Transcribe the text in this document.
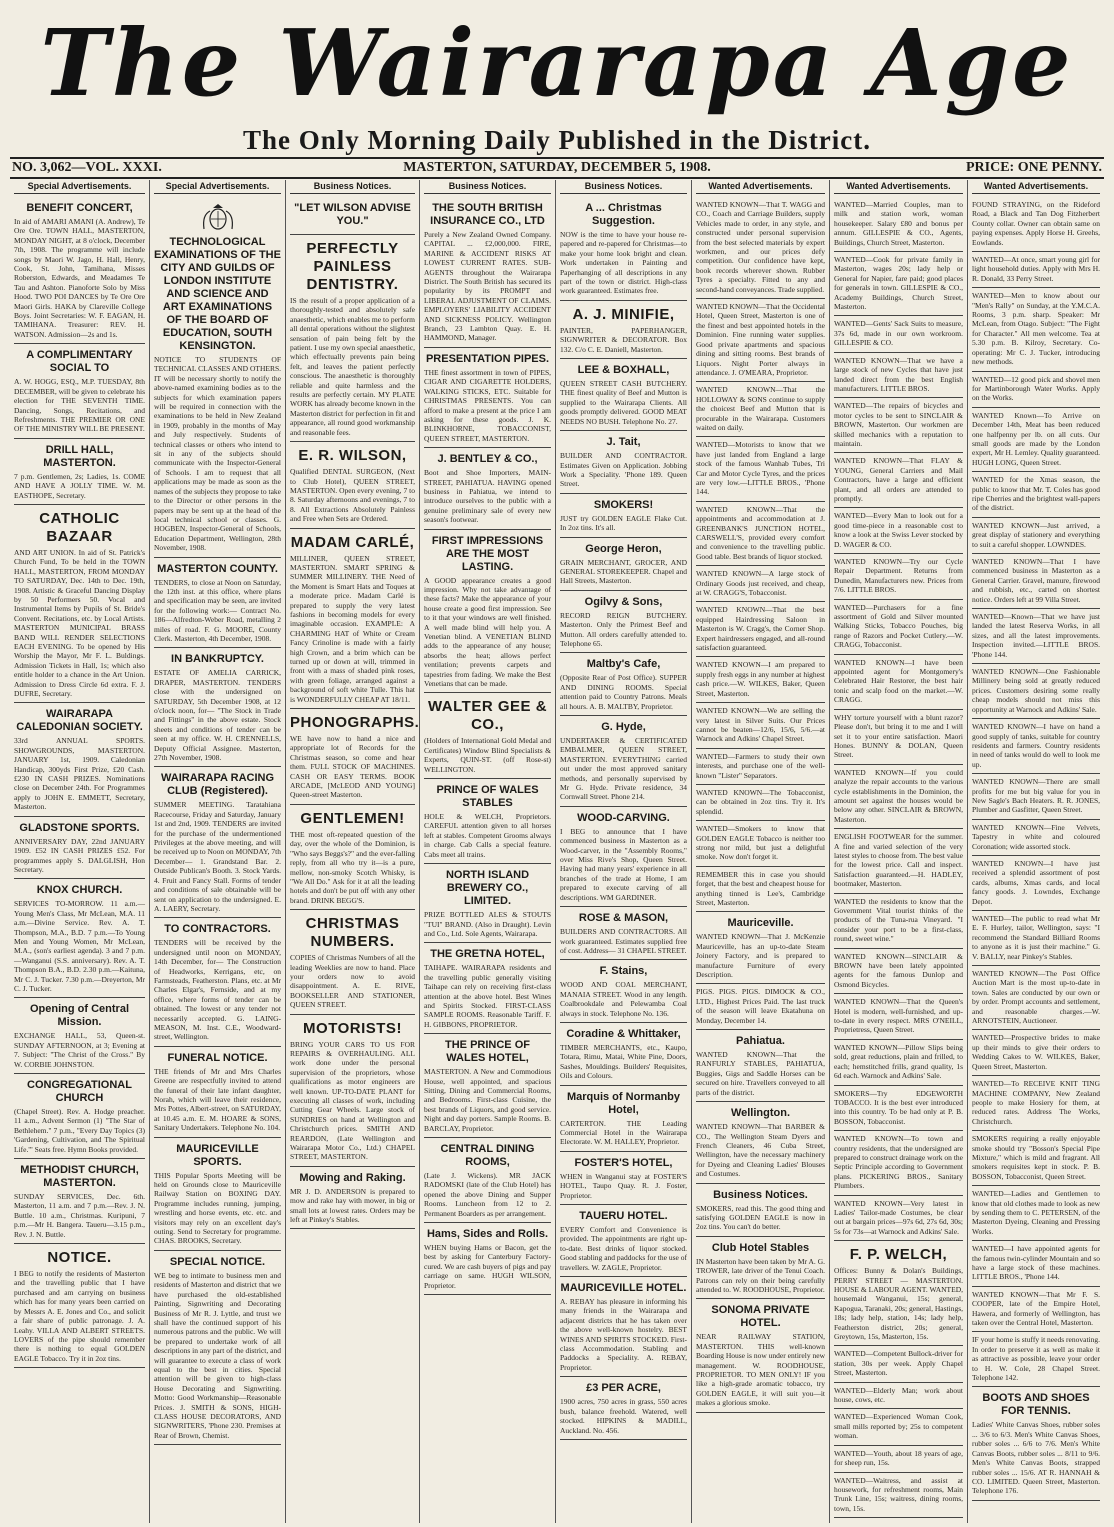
The Wairarapa Age
The Only Morning Daily Published in the District.
MASTERTON, SATURDAY, DECEMBER 5, 1908.
NO. 3,062—VOL. XXXI.	PRICE: ONE PENNY.
Special Advertisements.
BENEFIT CONCERT,

In aid of AMARI AMANI (A. Andrew), Te Ore Ore. TOWN HALL, MASTERTON, MONDAY NIGHT, at 8 o'clock, December 7th, 1908. The programme will include songs by Maori W. Jago, H. Hall, Henry, Cook, St. John, Tamihana, Misses Roberston, Edwards, and Meadames Te Tau and Ashton. Pianoforte Solo by Miss Hood. TWO POI DANCES by Te Ore Ore Maori Girls. HAKA by Clareville College Boys. Joint Secretaries: W. F. EAGAN, H. TAMIHANA. Treasurer: REV. H. WATSON. Admission—2s and 1s.

A COMPLIMENTARY SOCIAL TO

A. W. HOGG, ESQ., M.P. TUESDAY, 8th DECEMBER, will be given to celebrate his election for THE SEVENTH TIME. Dancing, Songs, Recitations, and Refreshments. THE PREMIER OR ONE OF THE MINISTRY WILL BE PRESENT.

DRILL HALL, MASTERTON.

7 p.m. Gentlemen, 2s; Ladies, 1s. COME AND HAVE A JOLLY TIME. W. M. EASTHOPE, Secretary.

CATHOLIC BAZAAR

AND ART UNION. In aid of St. Patrick's Church Fund, To be held in the TOWN HALL, MASTERTON, FROM MONDAY TO SATURDAY, Dec. 14th to Dec. 19th, 1908. Artistic & Graceful Dancing Display by 50 Performers 50. Vocal and Instrumental Items by Pupils of St. Bride's Convent. Recitations, etc. by Local Artists. MASTERTON MUNICIPAL BRASS BAND WILL RENDER SELECTIONS EACH EVENING. To be opened by His Worship the Mayor, Mr F. L. Buldings. Admission Tickets in Hall, 1s; which also entitle holder to a chance in the Art Union. Admission to Dress Circle 6d extra. F. J. DUFRE, Secretary.

WAIRARAPA CALEDONIAN SOCIETY.

33rd ANNUAL SPORTS. SHOWGROUNDS, MASTERTON. JANUARY 1st, 1909. Caledonian Handicap, 300yds First Prize, £20 Cash. £230 IN CASH PRIZES. Nominations close on December 24th. For Programmes apply to JOHN E. EMMETT, Secretary, Masterton.

GLADSTONE SPORTS.

ANNIVERSARY DAY, 22nd JANUARY 1909. £52 IN CASH PRIZES £52. For programmes apply S. DALGLISH, Hon Secretary.

KNOX CHURCH.

SERVICES TO-MORROW. 11 a.m.—Young Men's Class, Mr McLean, M.A. 11 a.m.—Divine Service. Rev. A. T. Thompson, M.A., B.D. 7 p.m.—To Young Men and Young Women, Mr McLean, M.A., (son's earliest agenda). 3 and 7 p.m.—Wanganui (S.S. anniversary). Rev. A. T. Thompson B.A., B.D. 2.30 p.m.—Kaituna, Mr C. J. Tucker. 7.30 p.m.—Dreyerton, Mr C. J. Tucker.

Opening of Central Mission.

EXCHANGE HALL, 53, Queen-st. SUNDAY AFTERNOON, at 3; Evening at 7. Subject: "The Christ of the Cross." By W. CORBIE JOHNSTON.

CONGREGATIONAL CHURCH

(Chapel Street). Rev. A. Hodge preacher. 11 a.m., Advent Sermon (1) "The Star of Bethlehem." 7 p.m., "Every Day Topics (3) 'Gardening, Cultivation, and The Spiritual Life.'" Seats free. Hymn Books provided.

METHODIST CHURCH, MASTERTON.

SUNDAY SERVICES, Dec. 6th. Masterton, 11 a.m. and 7 p.m.—Rev. J. N. Buttle. 10 a.m., Christmas. Kuripuni, 7 p.m.—Mr H. Bangera. Taueru—3.15 p.m., Rev. J. N. Buttle.

NOTICE.

I BEG to notify the residents of Masterton and the travelling public that I have purchased and am carrying on business which has for many years been carried on by Messrs A. E. Jones and Co., and solicit a fair share of public patronage. J. A. Leahy. VILLA AND ALBERT STREETS. LOVERS of the pipe should remember there is nothing to equal GOLDEN EAGLE Tobacco. Try it in 2oz tins.

Special Advertisements.
TECHNOLOGICAL EXAMINATIONS OF THE CITY AND GUILDS OF LONDON INSTITUTE AND SCIENCE AND ART EXAMINATIONS OF THE BOARD OF EDUCATION, SOUTH KENSINGTON.

NOTICE TO STUDENTS OF TECHNICAL CLASSES AND OTHERS. IT will be necessary shortly to notify the above-named examining bodies as to the subjects for which examination papers will be required in connection with the examinations to be held in New Zealand in 1909, probably in the months of May and July respectively. Students of technical classes or others who intend to sit in any of the subjects should communicate with the Inspector-General of Schools. I am to request that all applications may be made as soon as the names of the subjects they propose to take to the Director or other persons in the papers may be sent up at the head of the local technical school or classes. G. HOGBEN, Inspector-General of Schools, Education Department, Wellington, 28th November, 1908.

MASTERTON COUNTY.

TENDERS, to close at Noon on Saturday, the 12th inst. at this office, where plans and specification may be seen, are invited for the following work:— Contract No. 186—Alfredton-Weber Road, metalling 2 miles of road. F. G. MOORE, County Clerk. Masterton, 4th December, 1908.

IN BANKRUPTCY.

ESTATE OF AMELIA CARRICK, DRAPER, MASTERTON. TENDERS close with the undersigned on SATURDAY, 5th December 1908, at 12 o'clock noon, for— "The Stock in Trade and Fittings" in the above estate. Stock sheets and conditions of tender can be seen at my office. W. H. CRENNELLS, Deputy Official Assignee. Masterton, 27th November, 1908.

WAIRARAPA RACING CLUB (Registered).

SUMMER MEETING. Taratahiana Racecourse, Friday and Saturday, January 1st and 2nd, 1909. TENDERS are invited for the purchase of the undermentioned Privileges at the above meeting, and will be received up to Noon on MONDAY, 7th December— 1. Grandstand Bar. 2. Outside Publican's Booth. 3. Stock Yards. 4. Fruit and Fancy Stall. Forms of tender and conditions of sale obtainable will be sent on application to the undersigned. E. A. LAERY, Secretary.

TO CONTRACTORS.

TENDERS will be received by the undersigned until noon on MONDAY, 14th December, for— The Construction of Headworks, Kerrigans, etc, on Farmsteads, Featherston. Plans, etc. at Mr Charles Elgar's, Fernside, and at my office, where forms of tender can be obtained. The lowest or any tender not necessarily accepted. G. LAING-MEASON, M. Inst. C.E., Woodward-street, Wellington.

FUNERAL NOTICE.

THE friends of Mr and Mrs Charles Greene are respectfully invited to attend the funeral of their late infant daughter, Norah, which will leave their residence, Mrs Pottes, Albert-street, on SATURDAY, at 10.45 a.m. E. M. HOARE & SONS, Sanitary Undertakers. Telephone No. 104.

MAURICEVILLE SPORTS.

THIS Popular Sports Meeting will be held on Grounds close to Mauriceville Railway Station on BOXING DAY. Programme includes running, jumping, wrestling and horse events, etc. etc. and visitors may rely on an excellent day's outing. Send to Secretary for programme. CHAS. BROOKS, Secretary.

SPECIAL NOTICE.

WE beg to intimate to business men and residents of Masterton and district that we have purchased the old-established Painting, Signwriting and Decorating Business of Mr R. J. Lyttle, and trust we shall have the continued support of his numerous patrons and the public. We will be prepared to undertake work of all descriptions in any part of the district, and will guarantee to execute a class of work equal to the best in cities. Special attention will be given to high-class House Decorating and Signwriting. Motto: Good Workmanship—Reasonable Prices. J. SMITH & SONS, HIGH-CLASS HOUSE DECORATORS, AND SIGNWRITERS, 'Phone 230. Premises at Rear of Brown, Chemist.

Business Notices.
"LET WILSON ADVISE YOU."
PERFECTLY PAINLESS DENTISTRY.

IS the result of a proper application of a thoroughly-tested and absolutely safe anaesthetic, which enables me to perform all dental operations without the slightest sensation of pain being felt by the patient. I use my own special anaesthetic, which effectually prevents pain being felt, and leaves the patient perfectly conscious. The anaesthetic is thoroughly reliable and quite harmless and the results are perfectly certain. MY PLATE WORK has already become known in the Masterton district for perfection in fit and appearance, all round good workmanship and reasonable fees.

E. R. WILSON,

Qualified DENTAL SURGEON, (Next to Club Hotel), QUEEN STREET, MASTERTON. Open every evening, 7 to 8. Saturday afternoons and evenings, 7 to 8. All Extractions Absolutely Painless and Free when Sets are Ordered.

MADAM CARLÉ,

MILLINER, QUEEN STREET, MASTERTON. SMART SPRING & SUMMER MILLINERY. THE Need of the Moment is Smart Hats and Toques at a moderate price. Madam Carlé is prepared to supply the very latest fashions in becoming models for every imaginable occasion. EXAMPLE: A CHARMING HAT of White or Cream Fancy Crinoline is made with a fairly high Crown, and a brim which can be turned up or down at will, trimmed in front with a mass of shaded pink roses, with green foliage, arranged against a background of soft white Tulle. This hat is WONDERFULLY CHEAP AT 18/11.

PHONOGRAPHS.

WE have now to hand a nice and appropriate lot of Records for the Christmas season, so come and hear them. FULL STOCK OF MACHINES. CASH OR EASY TERMS. BOOK ARCADE, [McLEOD AND YOUNG] Queen-street Masterton.

GENTLEMEN!

THE most oft-repeated question of the day, over the whole of the Dominion, is "Who says Beggs's?" and the ever-falling reply, from all who try it—is a pure, mellow, non-smoky Scotch Whisky, is "We All Do." Ask for it at all the leading hotels and don't be put off with any other brand. DRINK BEGG'S.

CHRISTMAS NUMBERS.

COPIES of Christmas Numbers of all the leading Weeklies are now to hand. Place your orders now to avoid disappointment. A. E. RIVE, BOOKSELLER AND STATIONER, QUEEN STREET.

MOTORISTS!

BRING YOUR CARS TO US FOR REPAIRS & OVERHAULING. ALL work done under the personal supervision of the proprietors, whose qualifications as motor engineers are well known. UP-TO-DATE PLANT for executing all classes of work, including Cutting Gear Wheels. Large stock of SUNDRIES on hand at Wellington and Christchurch prices. SMITH AND REARDON, (Late Wellington and Wairarapa Motor Co., Ltd.) CHAPEL STREET, MASTERTON.

Mowing and Raking.

MR J. D. ANDERSON is prepared to mow and rake hay with mower, in big or small lots at lowest rates. Orders may be left at Pinkey's Stables.

Business Notices.
THE SOUTH BRITISH INSURANCE CO., LTD

Purely a New Zealand Owned Company. CAPITAL ... £2,000,000. FIRE, MARINE & ACCIDENT RISKS AT LOWEST CURRENT RATES. SUB-AGENTS throughout the Wairarapa District. The South British has secured its popularity by its PROMPT and LIBERAL ADJUSTMENT OF CLAIMS. EMPLOYERS' LIABILITY ACCIDENT AND SICKNESS POLICY. Wellington Branch, 23 Lambton Quay. E. H. HAMMOND, Manager.

PRESENTATION PIPES.

THE finest assortment in town of PIPES, CIGAR AND CIGARETTE HOLDERS, WALKING STICKS, ETC. Suitable for CHRISTMAS PRESENTS. You can afford to make a present at the price I am asking for these goods. J. K. BLINKHORNE, TOBACCONIST, QUEEN STREET, MASTERTON.

J. BENTLEY & CO.,

Boot and Shoe Importers, MAIN-STREET, PAHIATUA. HAVING opened business in Pahiatua, we intend to introduce ourselves to the public with a genuine preliminary sale of every new season's footwear.

FIRST IMPRESSIONS ARE THE MOST LASTING.

A GOOD appearance creates a good impression. Why not take advantage of these facts? Make the appearance of your house create a good first impression. See to it that your windows are well finished. A well made blind will help you. A Venetian blind. A VENETIAN BLIND adds to the appearance of any house; absorbs the heat; allows perfect ventilation; prevents carpets and tapestries from fading. We make the Best Venetians that can be made.

WALTER GEE & CO.,

(Holders of International Gold Medal and Certificates) Window Blind Specialists & Experts, QUIN-ST. (off Rose-st) WELLINGTON.

PRINCE OF WALES STABLES

HOLE & WELCH, Proprietors. CAREFUL attention given to all horses left at stables. Competent Grooms always in charge. Cab Calls a special feature. Cabs meet all trains.

NORTH ISLAND BREWERY CO., LIMITED.

PRIZE BOTTLED ALES & STOUTS "TUI" BRAND. (Also in Draught). Levin and Co., Ltd. Sole Agents, Wairarapa.

THE GRETNA HOTEL,

TAIHAPE. WAIRARAPA residents and the travelling public generally visiting Taihape can rely on receiving first-class attention at the above hotel. Best Wines and Spirits Stocked. FIRST-CLASS SAMPLE ROOMS. Reasonable Tariff. F. H. GIBBONS, PROPRIETOR.

THE PRINCE OF WALES HOTEL,

MASTERTON. A New and Commodious House, well appointed, and spacious Sitting, Dining and Commercial Rooms, and Bedrooms. First-class Cuisine, the best brands of Liquors, and good service. Night and day porters. Sample Rooms. B. BARCLAY, Proprietor.

CENTRAL DINING ROOMS,

(Late J. Wickens). MR JACK RADOMSKI (late of the Club Hotel) has opened the above Dining and Supper Rooms. Luncheon from 12 to 2. Permanent Boarders as per arrangement.

Hams, Sides and Rolls.

WHEN buying Hams or Bacon, get the best by asking for Canterbury Factory-cured. We are cash buyers of pigs and pay carriage on same. HUGH WILSON, Proprietor.

Business Notices.
A ... Christmas Suggestion.

NOW is the time to have your house re-papered and re-papered for Christmas—to make your home look bright and clean. Work undertaken in Painting and Paperhanging of all descriptions in any part of the town or district. High-class work guaranteed. Estimates free.

A. J. MINIFIE,

PAINTER, PAPERHANGER, SIGNWRITER & DECORATOR. Box 132. C/o C. E. Daniell, Masterton.

LEE & BOXHALL,

QUEEN STREET CASH BUTCHERY. THE finest quality of Beef and Mutton is supplied to the Wairarapa Clients. All goods promptly delivered. GOOD MEAT NEEDS NO BUSH. Telephone No. 27.

J. Tait,

BUILDER AND CONTRACTOR. Estimates Given on Application. Jobbing Work a Speciality. 'Phone 189. Queen Street.

SMOKERS!

JUST try GOLDEN EAGLE Flake Cut. In 2oz tins. It's all.

George Heron,

GRAIN MERCHANT, GROCER, AND GENERAL STOREKEEPER. Chapel and Hall Streets, Masterton.

Ogilvy & Sons,

RECORD REIGN BUTCHERY. Masterton. Only the Primest Beef and Mutton. All orders carefully attended to. Telephone 65.

Maltby's Cafe,

(Opposite Rear of Post Office). SUPPER AND DINING ROOMS. Special attention paid to Country Patrons. Meals all hours. A. B. MALTBY, Proprietor.

G. Hyde,

UNDERTAKER & CERTIFICATED EMBALMER, QUEEN STREET, MASTERTON. EVERYTHING carried out under the most approved sanitary methods, and personally supervised by Mr G. Hyde. Private residence, 34 Cornwall Street. Phone 214.

WOOD-CARVING.

I BEG to announce that I have commenced business in Masterton as a Wood-carver, in the "Assembly Rooms," over Miss Rive's Shop, Queen Street. Having had many years' experience in all branches of the trade at Home, I am prepared to execute carving of all descriptions. WM GARDINER.

ROSE & MASON,

BUILDERS AND CONTRACTORS. All work guaranteed. Estimates supplied free of cost. Address— 31 CHAPEL STREET.

F. Stains,

WOOD AND COAL MERCHANT, MANAIA STREET. Wood in any length. Coalbrookdale and Pelewamba Coal always in stock. Telephone No. 136.

Coradine & Whittaker,

TIMBER MERCHANTS, etc., Kaupo, Totara, Rimu, Matai, White Pine, Doors, Sashes, Mouldings. Builders' Requisites, Oils and Colours.

Marquis of Normanby Hotel,

CARTERTON. THE Leading Commercial Hotel in the Wairarapa Electorate. W. M. HALLEY, Proprietor.

FOSTER'S HOTEL,

WHEN in Wanganui stay at FOSTER'S HOTEL, Taupo Quay. R. J. Foster, Proprietor.

TAUERU HOTEL.

EVERY Comfort and Convenience is provided. The appointments are right up-to-date. Best drinks of liquor stocked. Good stabling and paddocks for the use of travellers. W. ZAGLE, Proprietor.

MAURICEVILLE HOTEL.

A. REBAY has pleasure in informing his many friends in the Wairarapa and adjacent districts that he has taken over the above well-known hostelry. BEST WINES AND SPIRITS STOCKED. First-class Accommodation. Stabling and Paddocks a Speciality. A. REBAY, Proprietor.

£3 PER ACRE,

1900 acres, 750 acres in grass, 550 acres bush, balance freehold. Watered, well stocked. HIPKINS & MADILL, Auckland. No. 456.

Wanted Advertisements.

WANTED KNOWN—That T. WAGG and CO., Coach and Carriage Builders, supply Vehicles made to order, in any style, and constructed under personal supervision from the best selected materials by expert workmen, and our prices defy competition. Our confidence have kept, book records wherever shown. Rubber Tyres a specialty. Fitted to any and second-hand conveyances. Trade supplied.

WANTED KNOWN—That the Occidental Hotel, Queen Street, Masterton is one of the finest and best appointed hotels in the Dominion. Fine running water supplies. Good private apartments and spacious dining and sitting rooms. Best brands of Liquors. Night Porter always in attendance. J. O'MEARA, Proprietor.

WANTED KNOWN—That the HOLLOWAY & SONS continue to supply the choicest Beef and Mutton that is procurable in the Wairarapa. Customers waited on daily.

WANTED—Motorists to know that we have just landed from England a large stock of the famous Wanhab Tubes, Tri Car and Motor Cycle Tyres, and the prices are very low.—LITTLE BROS., 'Phone 144.

WANTED KNOWN—That the appointments and accommodation at J. GREENBANK'S JUNCTION HOTEL, CARSWELL'S, provided every comfort and convenience to the travelling public. Good table. Best brands of liquor stocked.

WANTED KNOWN—A large stock of Ordinary Goods just received, and cheap, at W. CRAGG'S, Tobacconist.

WANTED KNOWN—That the best equipped Hairdressing Saloon in Masterton is W. Cragg's, the Corner Shop. Expert hairdressers engaged, and all-round satisfaction guaranteed.

WANTED KNOWN—I am prepared to supply fresh eggs in any number at highest cash price.—W. WILKES, Baker, Queen Street, Masterton.

WANTED KNOWN—We are selling the very latest in Silver Suits. Our Prices cannot be beaten—12/6, 15/6, 5/6.—at Warnock and Adkins' Chapel Street.

WANTED—Farmers to study their own interests, and purchase one of the well-known "Lister" Separators.

WANTED KNOWN—The Tobacconist, can be obtained in 2oz tins. Try it. It's splendid.

WANTED—Smokers to know that GOLDEN EAGLE Tobacco is neither too strong nor mild, but just a delightful smoke. Now don't forget it.

REMEMBER this in case you should forget, that the best and cheapest house for anything tinned is Lee's, Cambridge Street, Masterton.

Mauriceville.

WANTED KNOWN—That J. McKenzie Mauriceville, has an up-to-date Steam Joinery Factory, and is prepared to manufacture Furniture of every Description.

PIGS. PIGS. PIGS. DIMOCK & CO., LTD., Highest Prices Paid. The last truck of the season will leave Ekatahuna on Monday, December 14.

Pahiatua.

WANTED KNOWN—That the RANFURLY STABLES, PAHIATUA, Buggies, Gigs and Saddle Horses can be secured on hire. Travellers conveyed to all parts of the district.

Wellington.

WANTED KNOWN—That BARBER & CO., The Wellington Steam Dyers and French Cleaners, 46 Cuba Street, Wellington, have the necessary machinery for Dyeing and Cleaning Ladies' Blouses and Costumes.

Business Notices.

SMOKERS, read this. The good thing and satisfying GOLDEN EAGLE is now in 2oz tins. You can't do better.

Club Hotel Stables

IN Masterton have been taken by Mr A. G. TROWER, late driver of the Tenui Coach. Patrons can rely on their being carefully attended to. W. ROODHOUSE, Proprietor.

SONOMA PRIVATE HOTEL.

NEAR RAILWAY STATION, MASTERTON. THIS well-known Boarding House is now under entirely new management. W. ROODHOUSE, PROPRIETOR. TO MEN ONLY! IF you like a high-grade aromatic tobacco, try GOLDEN EAGLE, it will suit you—it makes a glorious smoke.

Wanted Advertisements.

WANTED—Married Couples, man to milk and station work, woman housekeeper. Salary £80 and bonus per annum. GILLESPIE & CO., Agents, Buildings, Church Street, Masterton.

WANTED—Cook for private family in Masterton, wages 20s; lady help or General for Napier, fare paid; good places for generals in town. GILLESPIE & CO., Academy Buildings, Church Street, Masterton.

WANTED—Gents' Sack Suits to measure, 37s 6d, made in our own workroom. GILLESPIE & CO.

WANTED KNOWN—That we have a large stock of new Cycles that have just landed direct from the best English manufacturers. LITTLE BROS.

WANTED—The repairs of bicycles and motor cycles to be sent to SINCLAIR & BROWN, Masterton. Our workmen are skilled mechanics with a reputation to maintain.

WANTED KNOWN—That FLAY & YOUNG, General Carriers and Mail Contractors, have a large and efficient plant, and all orders are attended to promptly.

WANTED—Every Man to look out for a good time-piece in a reasonable cost to know a look at the Swiss Lever stocked by D. WAGER & CO.

WANTED KNOWN—Try our Cycle Repair Department. Returns from Dunedin, Manufacturers new. Prices from 7/6. LITTLE BROS.

WANTED—Purchasers for a fine assortment of Gold and Silver mounted Walking Sticks, Tobacco Pouches, big range of Razors and Pocket Cutlery.—W. CRAGG, Tobacconist.

WANTED KNOWN—I have been appointed agent for Montgomery's Celebrated Hair Restorer, the best hair tonic and scalp food on the market.—W. CRAGG.

WHY torture yourself with a blunt razor? Please don't, but bring it to me and I will set it to your entire satisfaction. Maori Hones. BUNNY & DOLAN, Queen Street.

WANTED KNOWN—If you could analyze the repair accounts to the various cycle establishments in the Dominion, the amount set against the houses would be below any other. SINCLAIR & BROWN, Masterton.

ENGLISH FOOTWEAR for the summer. A fine and varied selection of the very latest styles to choose from. The best value for the lowest price. Call and inspect. Satisfaction guaranteed.—H. HADLEY, bootmaker, Masterton.

WANTED the residents to know that the Government Vital tourist thinks of the products of the Tuna-rua Vineyard. "I consider your port to be a first-class, round, sweet wine."

WANTED KNOWN—SINCLAIR & BROWN have been lately appointed agents for the famous Dunlop and Osmond Bicycles.

WANTED KNOWN—That the Queen's Hotel is modern, well-furnished, and up-to-date in every respect. MRS O'NEILL, Proprietress, Queen Street.

WANTED KNOWN—Pillow Slips being sold, great reductions, plain and frilled, to each; hemstitched frills, grand quality, 1s 6d each. Warnock and Adkins' Sale.

SMOKERS—Try EDGEWORTH TOBACCO. It is the best ever introduced into this country. To be had only at P. B. BOSSON, Tobacconist.

WANTED KNOWN—To town and country residents, that the undersigned are prepared to construct drainage work on the Septic Principle according to Government plans. PICKERING BROS., Sanitary Plumbers.

WANTED KNOWN—Very latest in Ladies' Tailor-made Costumes, be clear out at bargain prices—97s 6d, 27s 6d, 30s; 5s for 73s—at Warnock and Adkins' Sale.

F. P. WELCH,

Offices: Bunny & Dolan's Buildings, PERRY STREET — MASTERTON. HOUSE & LABOUR AGENT. WANTED, housemaid Wanganui, 15s; general, Kapogua, Taranaki, 20s; general, Hastings, 18s; lady help, station, 14s; lady help, Featherston district, 20s; general, Greytown, 15s, Masterton, 15s.

WANTED—Competent Bullock-driver for station, 30s per week. Apply Chapel Street, Masterton.

WANTED—Elderly Man; work about house, cows, etc.

WANTED—Experienced Woman Cook, small mills reported by; 25s to competent woman.

WANTED—Youth, about 18 years of age, for sheep run, 15s.

WANTED—Waitress, and assist at housework, for refreshment rooms, Main Trunk Line, 15s; waitress, dining rooms, town, 15s.

Wanted Advertisements.

FOUND STRAYING, on the Rideford Road, a Black and Tan Dog Fitzherbert County collar. Owner can obtain same on paying expenses. Apply Horse H. Greehs, Eowlands.

WANTED—At once, smart young girl for light household duties. Apply with Mrs H. R. Donald, 33 Perry Street.

WANTED—Men to know about our "Men's Rally" on Sunday, at the Y.M.C.A. Rooms, 3 p.m. sharp. Speaker: Mr McLean, from Otago. Subject: "The Fight for Character." All men welcome. Tea at 5.30 p.m. B. Kilroy, Secretary. Co-operating: Mr C. J. Tucker, introducing new methods.

WANTED—12 good pick and shovel men for Martinborough Water Works. Apply on the Works.

WANTED Known—To Arrive on December 14th, Meat has been reduced one halfpenny per lb. on all cuts. Our small goods are made by the London expert, Mr H. Lemley. Quality guaranteed. HUGH LONG, Queen Street.

WANTED for the Xmas season, the public to know that Mr. T. Coles has good ripe Cherries and the brightest wall-papers of the district.

WANTED KNOWN—Just arrived, a great display of stationery and everything to suit a careful shopper. LOWNDES.

WANTED KNOWN—That I have commenced business in Masterton as a General Carrier. Gravel, manure, firewood and rubbish, etc., carted on shortest notice. Orders left at 99 Villa Street.

WANTED—Known—That we have just landed the latest Reserva Works, in all sizes, and all the latest improvements. Inspection invited.—LITTLE BROS. 'Phone 144.

WANTED KNOWN—One Fashionable Millinery being sold at greatly reduced prices. Customers desiring some really cheap models should not miss this opportunity at Warnock and Adkins' Sale.

WANTED KNOWN—I have on hand a good supply of tanks, suitable for country residents and farmers. Country residents in need of tanks would do well to look me up.

WANTED KNOWN—There are small profits for me but big value for you in New Sagle's Bach Heaters. R. R. JONES, Plumber and Gasfitter, Queen Street.

WANTED KNOWN—Fine Velvets, Tapestry in white and coloured Coronation; wide assorted stock.

WANTED KNOWN—I have just received a splendid assortment of post cards, albums, Xmas cards, and local fancy goods. J. Lowndes, Exchange Depot.

WANTED—The public to read what Mr E. F. Hurley, tailor, Wellington, says: "I recommend the Standard Billiard Rooms to anyone as it is just their machine." G. V. BALLY, near Pinkey's Stables.

WANTED KNOWN—The Post Office Auction Mart is the most up-to-date in town. Sales are conducted by our own or by order. Prompt accounts and settlement, and reasonable charges.—W. ARNOTSTEIN, Auctioneer.

WANTED—Prospective brides to make up their minds to give their orders to Wedding Cakes to W. WILKES, Baker, Queen Street, Masterton.

WANTED—To RECEIVE KNIT TING MACHINE COMPANY, New Zealand people to make Hosiery for them, at reduced rates. Address The Works, Christchurch.

SMOKERS requiring a really enjoyable smoke should try "Bosson's Special Pipe Mixture," which is mild and fragrant. All smokers requisites kept in stock. P. B. BOSSON, Tobacconist, Queen Street.

WANTED—Ladies and Gentlemen to know that old clothes made to look as new by sending them to C. PETERSEN, of the Masterton Dyeing, Cleaning and Pressing Works.

WANTED—I have appointed agents for the famous twin-cylinder Mountain and so have a large stock of these machines. LITTLE BROS., 'Phone 144.

WANTED KNOWN—That Mr F. S. COOPER, late of the Empire Hotel, Hawera, and formerly of Wellington, has taken over the Central Hotel, Masterton.

IF your home is stuffy it needs renovating. In order to preserve it as well as make it as attractive as possible, leave your order to H. W. Cole, 28 Chapel Street. Telephone 142.

BOOTS AND SHOES FOR TENNIS.

Ladies' White Canvas Shoes, rubber soles ... 3/6 to 6/3. Men's White Canvas Shoes, rubber soles ... 6/6 to 7/6. Men's White Canvas Boots, rubber soles ... 8/11 to 9/6. Men's White Canvas Boots, strapped rubber soles ... 15/6. AT R. HANNAH & CO. LIMITED. Queen Street, Masterton. Telephone 176.
